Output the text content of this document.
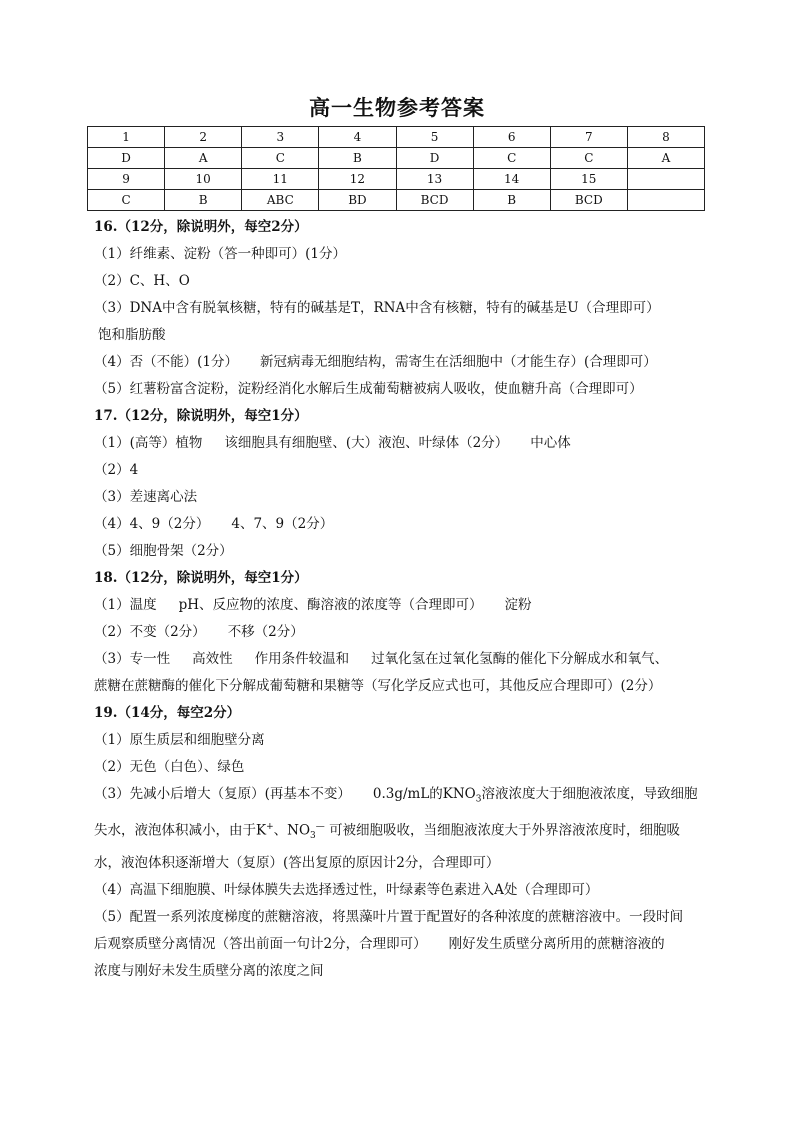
高一生物参考答案
1	2	3	4	5	6	7	8
D	A	C	B	D	C	C	A
9	10	11	12	13	14	15	
C	B	ABC	BD	BCD	B	BCD	
16.（12分，除说明外，每空2分）
（1）纤维素、淀粉（答一种即可）(1分）
（2）C、H、O
（3）DNA中含有脱氧核糖，特有的碱基是T，RNA中含有核糖，特有的碱基是U（合理即可）
饱和脂肪酸
（4）否（不能）(1分） 新冠病毒无细胞结构，需寄生在活细胞中（才能生存）(合理即可）
（5）红薯粉富含淀粉，淀粉经消化水解后生成葡萄糖被病人吸收，使血糖升高（合理即可）
17.（12分，除说明外，每空1分）
（1）(高等）植物 该细胞具有细胞壁、(大）液泡、叶绿体（2分） 中心体
（2）4
（3）差速离心法
（4）4、9（2分） 4、7、9（2分）
（5）细胞骨架（2分）
18.（12分，除说明外，每空1分）
（1）温度 pH、反应物的浓度、酶溶液的浓度等（合理即可） 淀粉
（2）不变（2分） 不移（2分）
（3）专一性 高效性 作用条件较温和 过氧化氢在过氧化氢酶的催化下分解成水和氧气、
蔗糖在蔗糖酶的催化下分解成葡萄糖和果糖等（写化学反应式也可，其他反应合理即可）(2分）
19.（14分，每空2分）
（1）原生质层和细胞壁分离
（2）无色（白色）、绿色
（3）先减小后增大（复原）(再基本不变） 0.3g/mL的$KNO_3$溶液浓度大于细胞液浓度，导致细胞
失水，液泡体积减小，由于K+、$NO_3^—$ 可被细胞吸收，当细胞液浓度大于外界溶液浓度时，细胞吸
水，液泡体积逐渐增大（复原）(答出复原的原因计2分，合理即可）
（4）高温下细胞膜、叶绿体膜失去选择透过性，叶绿素等色素进入A处（合理即可）
（5）配置一系列浓度梯度的蔗糖溶液，将黑藻叶片置于配置好的各种浓度的蔗糖溶液中。一段时间
后观察质壁分离情况（答出前面一句计2分，合理即可） 刚好发生质壁分离所用的蔗糖溶液的
浓度与刚好未发生质壁分离的浓度之间
